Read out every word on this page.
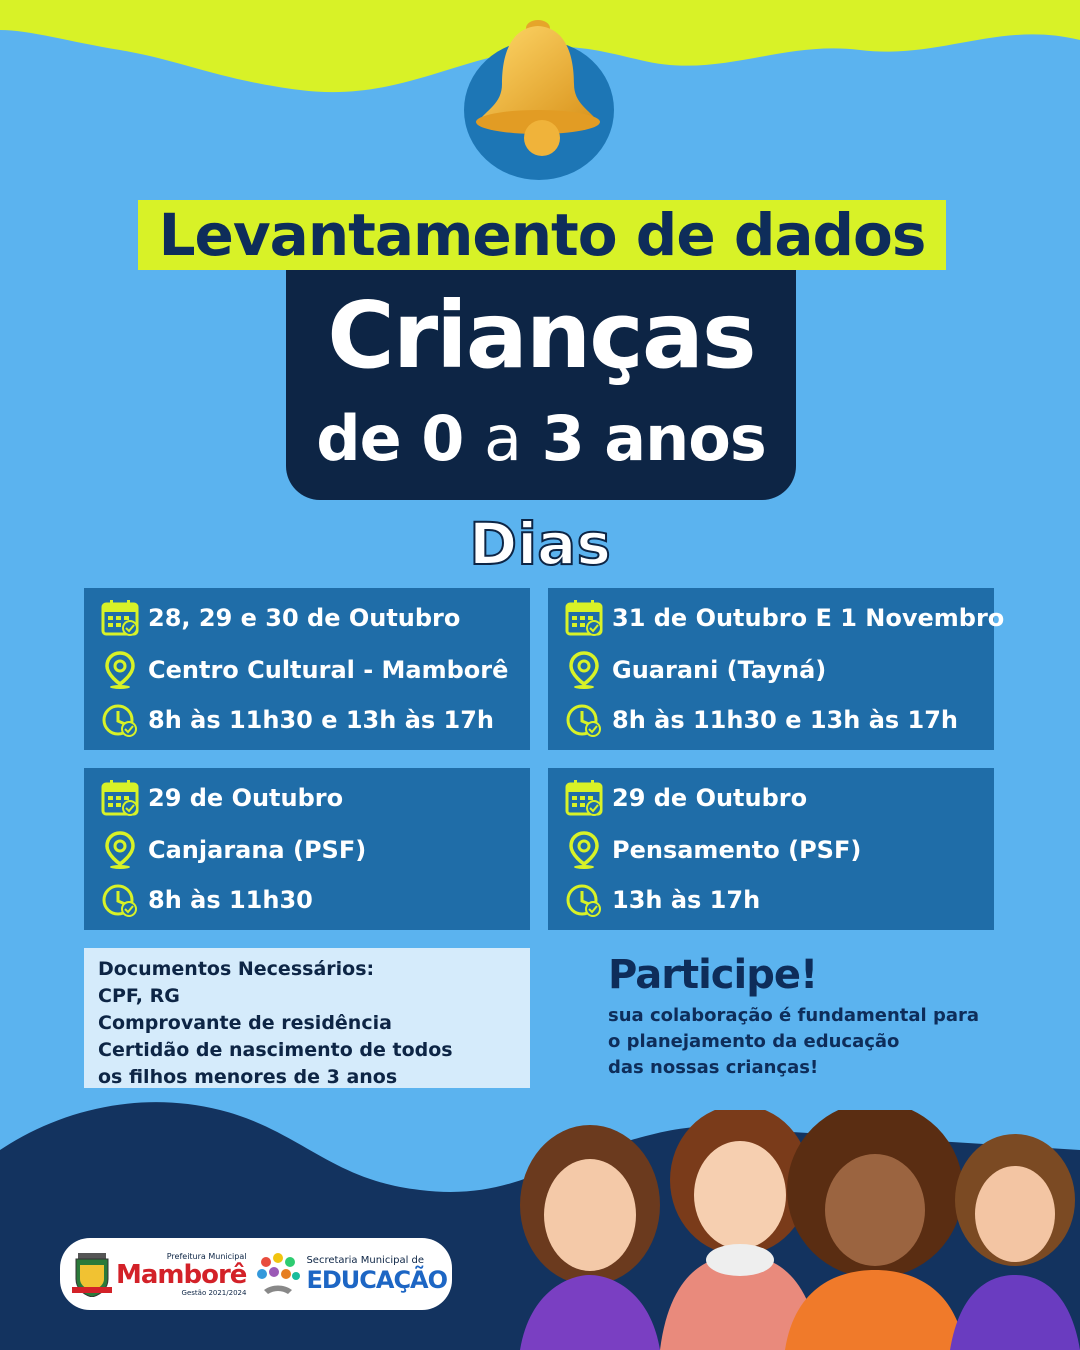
Levantamento de dados
Crianças
de 0 a 3 anos
Dias
28, 29 e 30 de Outubro
Centro Cultural - Mamborê
8h às 11h30 e 13h às 17h
31 de Outubro E 1 Novembro
Guarani (Tayná)
8h às 11h30 e 13h às 17h
29 de Outubro
Canjarana (PSF)
8h às 11h30
29 de Outubro
Pensamento (PSF)
13h às 17h
Documentos Necessários:
CPF, RG
Comprovante de residência
Certidão de nascimento de todos
os filhos menores de 3 anos
Participe!
sua colaboração é fundamental para
o planejamento da educação
das nossas crianças!
Prefeitura Municipal
Mamborê
Gestão 2021/2024
Secretaria Municipal de
EDUCAÇÃO
